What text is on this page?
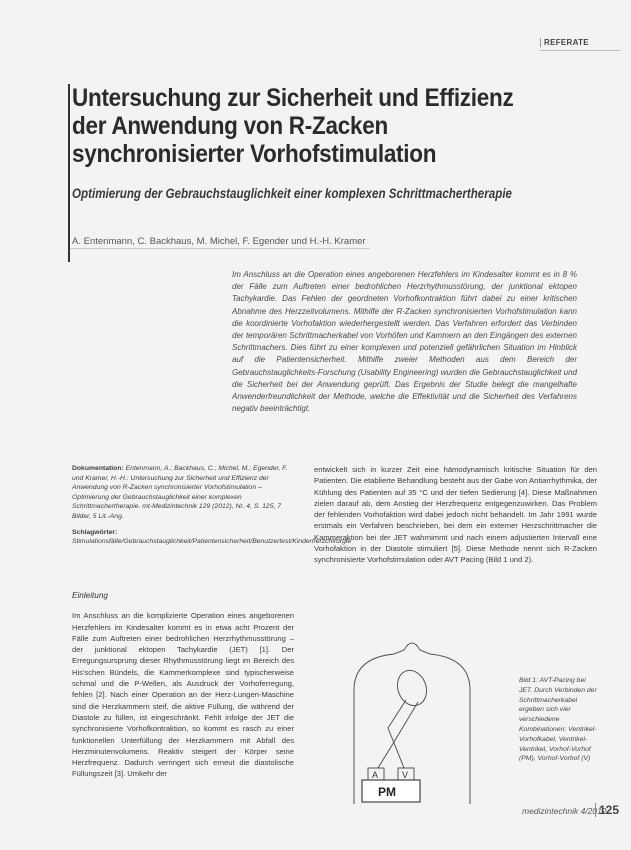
REFERATE
Untersuchung zur Sicherheit und Effizienz der Anwendung von R-Zacken synchronisierter Vorhofstimulation
Optimierung der Gebrauchstauglichkeit einer komplexen Schrittmachertherapie
A. Entenmann, C. Backhaus, M. Michel, F. Egender und H.-H. Kramer
Im Anschluss an die Operation eines angeborenen Herzfehlers im Kindesalter kommt es in 8 % der Fälle zum Auftreten einer bedrohlichen Herzrhythmusstörung, der junktional ektopen Tachykardie. Das Fehlen der geordneten Vorhofkontraktion führt dabei zu einer kritischen Abnahme des Herzzeitvolumens. Mithilfe der R-Zacken synchronisierten Vorhofstimulation kann die koordinierte Vorhofaktion wiederhergestellt werden. Das Verfahren erfordert das Verbinden der temporären Schrittmacherkabel von Vorhöfen und Kammern an den Eingängen des externen Schrittmachers. Dies führt zu einer komplexen und potenziell gefährlichen Situation im Hinblick auf die Patientensicherheit. Mithilfe zweier Methoden aus dem Bereich der Gebrauchstauglichkeits-Forschung (Usability Engineering) wurden die Gebrauchstauglichkeit und die Sicherheit bei der Anwendung geprüft. Das Ergebnis der Studie belegt die mangelhafte Anwenderfreundlichkeit der Methode, welche die Effektivität und die Sicherheit des Verfahrens negativ beeinträchtigt.

Dokumentation: Entenmann, A.; Backhaus, C.; Michel, M.; Egender, F. und Kramer, H.-H.: Untersuchung zur Sicherheit und Effizienz der Anwendung von R-Zacken synchronisierter Vorhofstimulation – Optimierung der Gebrauchstauglichkeit einer komplexen Schrittmachertherapie. mt-Medizintechnik 129 (2012), Nr. 4, S. 125, 7 Bilder, 5 Lit.-Ang.

Schlagwörter: Stimulationsfälle/Gebrauchstauglichkeit/Patientensicherheit/Benutzertest/Kinderherzchirurgie

Einleitung

Im Anschluss an die komplizierte Operation eines angeborenen Herzfehlers im Kindesalter kommt es in etwa acht Prozent der Fälle zum Auftreten einer bedrohlichen Herzrhythmusstörung – der junktional ektopen Tachykardie (JET) [1]. Der Erregungsursprung dieser Rhythmusstörung liegt im Bereich des His'schen Bündels, die Kammerkomplexe sind typischerweise schmal und die P-Wellen, als Ausdruck der Vorhoferregung, fehlen [2]. Nach einer Operation an der Herz-Lungen-Maschine sind die Herzkammern steif, die aktive Füllung, die während der Diastole zu füllen, ist eingeschränkt. Fehlt infolge der JET die synchronisierte Vorhofkontraktion, so kommt es rasch zu einer funktionellen Unterfüllung der Herzkammern mit Abfall des Herzminutenvolumens. Reaktiv steigert der Körper seine Herzfrequenz. Dadurch verringert sich erneut die diastolische Füllungszeit [3]. Umkehr der

entwickelt sich in kurzer Zeit eine hämodynamisch kritische Situation für den Patienten. Die etablierte Behandlung besteht aus der Gabe von Antiarrhythmika, der Kühlung des Patienten auf 35 °C und der tiefen Sedierung [4]. Diese Maßnahmen zielen darauf ab, dem Anstieg der Herzfrequenz entgegenzuwirken. Das Problem der fehlenden Vorhofaktion wird dabei jedoch nicht behandelt. Im Jahr 1991 wurde erstmals ein Verfahren beschrieben, bei dem ein externer Herzschrittmacher die Kammeraktion bei der JET wahrnimmt und nach einem adjustierten Intervall eine Vorhofaktion in der Diastole stimuliert [5]. Diese Methode nennt sich R-Zacken synchronisierte Vorhofstimulation oder AVT Pacing (Bild 1 und 2).

A	V
PM
Bild 1: AVT-Pacing bei JET. Durch Verbinden der Schrittmacherkabel ergeben sich vier verschiedene Kombinationen: Ventrikel-Vorhofkabel, Ventrikel-Ventrikel, Vorhof-Vorhof (PM), Vorhof-Vorhof (V)
medizintechnik 4/2012
125
